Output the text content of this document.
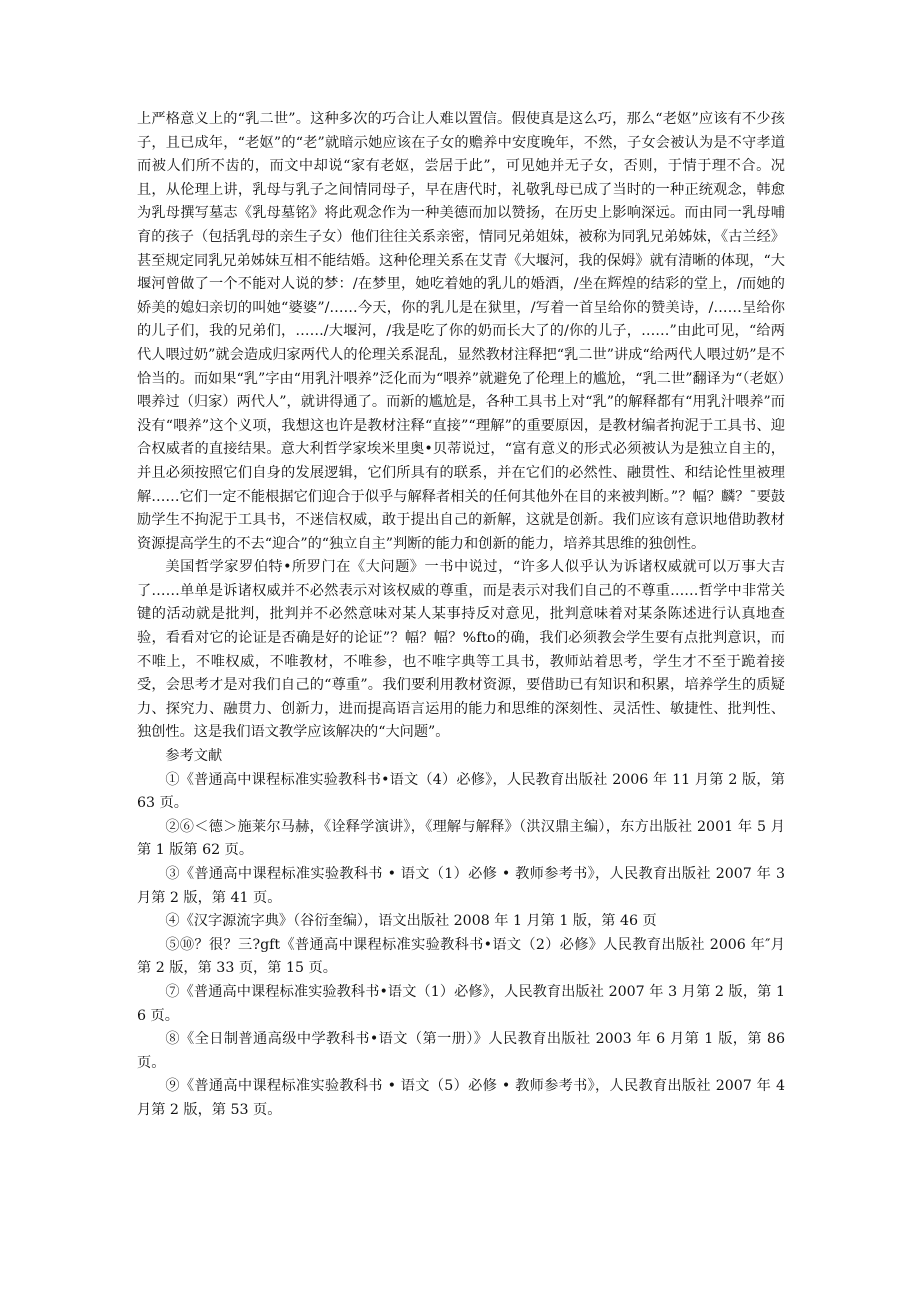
上严格意义上的“乳二世”。这种多次的巧合让人难以置信。假使真是这么巧，那么“老妪”应该有不少孩子，且已成年，“老妪”的“老”就暗示她应该在子女的赡养中安度晚年，不然，子女会被认为是不守孝道而被人们所不齿的，而文中却说“家有老妪，尝居于此”，可见她并无子女，否则，于情于理不合。况且，从伦理上讲，乳母与乳子之间情同母子，早在唐代时，礼敬乳母已成了当时的一种正统观念，韩愈为乳母撰写墓志《乳母墓铭》将此观念作为一种美德而加以赞扬，在历史上影响深远。而由同一乳母哺育的孩子（包括乳母的亲生子女）他们往往关系亲密，情同兄弟姐妹，被称为同乳兄弟姊妹，《古兰经》甚至规定同乳兄弟姊妹互相不能结婚。这种伦理关系在艾青《大堰河，我的保姆》就有清晰的体现，“大堰河曾做了一个不能对人说的梦：/在梦里，她吃着她的乳儿的婚酒，/坐在辉煌的结彩的堂上，/而她的娇美的媳妇亲切的叫她“婆婆”/……今天，你的乳儿是在狱里，/写着一首呈给你的赞美诗，/……呈给你的儿子们，我的兄弟们，……/大堰河，/我是吃了你的奶而长大了的/你的儿子，……”由此可见，“给两代人喂过奶”就会造成归家两代人的伦理关系混乱，显然教材注释把“乳二世”讲成“给两代人喂过奶”是不恰当的。而如果“乳”字由“用乳汁喂养”泛化而为“喂养”就避免了伦理上的尴尬，“乳二世”翻译为“（老妪）喂养过（归家）两代人”，就讲得通了。而新的尴尬是，各种工具书上对“乳”的解释都有“用乳汁喂养”而没有“喂养”这个义项，我想这也许是教材注释“直接”“理解”的重要原因，是教材编者拘泥于工具书、迎合权威者的直接结果。意大利哲学家埃米里奥•贝蒂说过，“富有意义的形式必须被认为是独立自主的，并且必须按照它们自身的发展逻辑，它们所具有的联系，并在它们的必然性、融贯性、和结论性里被理解……它们一定不能根据它们迎合于似乎与解释者相关的任何其他外在目的来被判断。”？幅？麟？ˉ要鼓励学生不拘泥于工具书，不迷信权威，敢于提出自己的新解，这就是创新。我们应该有意识地借助教材资源提高学生的不去“迎合”的“独立自主”判断的能力和创新的能力，培养其思维的独创性。

美国哲学家罗伯特•所罗门在《大问题》一书中说过，“许多人似乎认为诉诸权威就可以万事大吉了……单单是诉诸权威并不必然表示对该权威的尊重，而是表示对我们自己的不尊重……哲学中非常关键的活动就是批判，批判并不必然意味对某人某事持反对意见，批判意味着对某条陈述进行认真地查验，看看对它的论证是否确是好的论证”？幅？幅？%fto的确，我们必须教会学生要有点批判意识，而不唯上，不唯权威，不唯教材，不唯参，也不唯字典等工具书，教师站着思考，学生才不至于跪着接受，会思考才是对我们自己的“尊重”。我们要利用教材资源，要借助已有知识和积累，培养学生的质疑力、探究力、融贯力、创新力，进而提高语言运用的能力和思维的深刻性、灵活性、敏捷性、批判性、独创性。这是我们语文教学应该解决的“大问题”。

参考文献

①《普通高中课程标准实验教科书•语文（4）必修》，人民教育出版社 2006 年 11 月第 2 版，第 63 页。

②⑥＜德＞施莱尔马赫，《诠释学演讲》，《理解与解释》（洪汉鼎主编），东方出版社 2001 年 5 月第 1 版第 62 页。

③《普通高中课程标准实验教科书 • 语文（1）必修 • 教师参考书》，人民教育出版社 2007 年 3 月第 2 版，第 41 页。

④《汉字源流字典》（谷衍奎编），语文出版社 2008 年 1 月第 1 版，第 46 页

⑤⑩？很？三?gft《普通高中课程标准实验教科书•语文（2）必修》人民教育出版社 2006 年″月第 2 版，第 33 页，第 15 页。

⑦《普通高中课程标准实验教科书•语文（1）必修》，人民教育出版社 2007 年 3 月第 2 版，第 16 页。

⑧《全日制普通高级中学教科书•语文（第一册）》人民教育出版社 2003 年 6 月第 1 版，第 86 页。

⑨《普通高中课程标准实验教科书 • 语文（5）必修 • 教师参考书》，人民教育出版社 2007 年 4 月第 2 版，第 53 页。
